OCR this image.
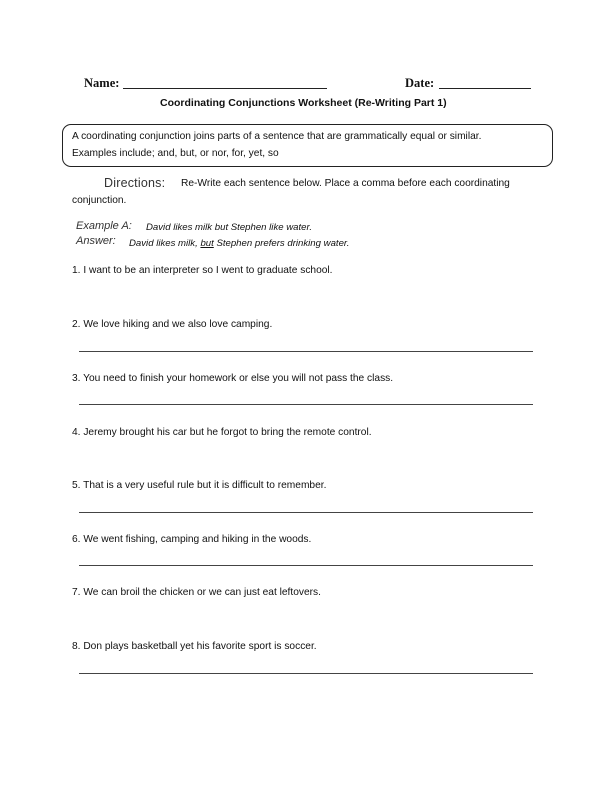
Name:	Date:
Coordinating Conjunctions Worksheet (Re-Writing Part 1)
A coordinating conjunction joins parts of a sentence that are grammatically equal or similar.
Examples include; and, but, or nor, for, yet, so
Directions: Re-Write each sentence below. Place a comma before each coordinating
conjunction.
Example A: David likes milk but Stephen like water.
Answer: David likes milk, but Stephen prefers drinking water.
1. I want to be an interpreter so I went to graduate school.
2. We love hiking and we also love camping.
3. You need to finish your homework or else you will not pass the class.
4. Jeremy brought his car but he forgot to bring the remote control.
5. That is a very useful rule but it is difficult to remember.
6. We went fishing, camping and hiking in the woods.
7. We can broil the chicken or we can just eat leftovers.
8. Don plays basketball yet his favorite sport is soccer.
